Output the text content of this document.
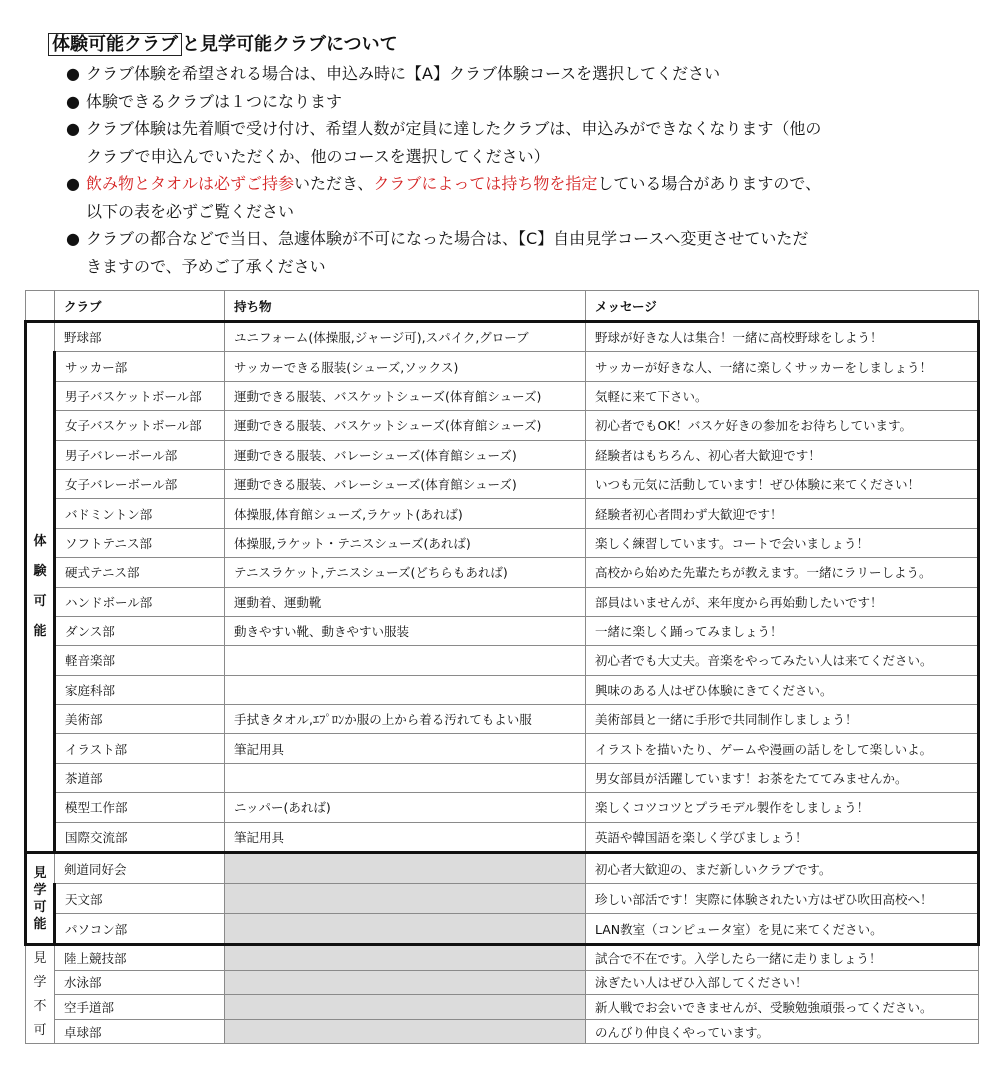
体験可能クラブ と見学可能クラブについて
● クラブ体験を希望される場合は、申込み時に【A】クラブ体験コースを選択してください
● 体験できるクラブは１つになります
● クラブ体験は先着順で受け付け、希望人数が定員に達したクラブは、申込みができなくなります（他の
クラブで申込んでいただくか、他のコースを選択してください）
● 飲み物とタオルは必ずご持参いただき、クラブによっては持ち物を指定している場合がありますので、
以下の表を必ずご覧ください
● クラブの都合などで当日、急遽体験が不可になった場合は、【C】自由見学コースへ変更させていただ
きますので、予めご了承ください
	クラブ	持ち物	メッセージ

体
験
可
能	野球部	ユニフォーム(体操服,ジャージ可),スパイク,グローブ	野球が好きな人は集合！一緒に高校野球をしよう！
	サッカー部	サッカーできる服装(シューズ,ソックス)	サッカーが好きな人、一緒に楽しくサッカーをしましょう！
	男子バスケットボール部	運動できる服装、バスケットシューズ(体育館シューズ)	気軽に来て下さい。
	女子バスケットボール部	運動できる服装、バスケットシューズ(体育館シューズ)	初心者でもOK！バスケ好きの参加をお待ちしています。
	男子バレーボール部	運動できる服装、バレーシューズ(体育館シューズ)	経験者はもちろん、初心者大歓迎です！
	女子バレーボール部	運動できる服装、バレーシューズ(体育館シューズ)	いつも元気に活動しています！ぜひ体験に来てください！
	バドミントン部	体操服,体育館シューズ,ラケット(あれば)	経験者初心者問わず大歓迎です！
	ソフトテニス部	体操服,ラケット・テニスシューズ(あれば)	楽しく練習しています。コートで会いましょう！
	硬式テニス部	テニスラケット,テニスシューズ(どちらもあれば)	高校から始めた先輩たちが教えます。一緒にラリーしよう。
	ハンドボール部	運動着、運動靴	部員はいませんが、来年度から再始動したいです！
	ダンス部	動きやすい靴、動きやすい服装	一緒に楽しく踊ってみましょう！
	軽音楽部		初心者でも大丈夫。音楽をやってみたい人は来てください。
	家庭科部		興味のある人はぜひ体験にきてください。
	美術部	手拭きタオル,ｴﾌﾟﾛﾝか服の上から着る汚れてもよい服	美術部員と一緒に手形で共同制作しましょう！
	イラスト部	筆記用具	イラストを描いたり、ゲームや漫画の話しをして楽しいよ。
	茶道部		男女部員が活躍しています！お茶をたててみませんか。
	模型工作部	ニッパー(あれば)	楽しくコツコツとプラモデル製作をしましょう！
	国際交流部	筆記用具	英語や韓国語を楽しく学びましょう！

見
学
可
能	剣道同好会		初心者大歓迎の、まだ新しいクラブです。
	天文部		珍しい部活です！実際に体験されたい方はぜひ吹田高校へ！
	パソコン部		LAN教室（コンピュータ室）を見に来てください。

見
学
不
可	陸上競技部		試合で不在です。入学したら一緒に走りましょう！
	水泳部		泳ぎたい人はぜひ入部してください！
	空手道部		新人戦でお会いできませんが、受験勉強頑張ってください。
	卓球部		のんびり仲良くやっています。
